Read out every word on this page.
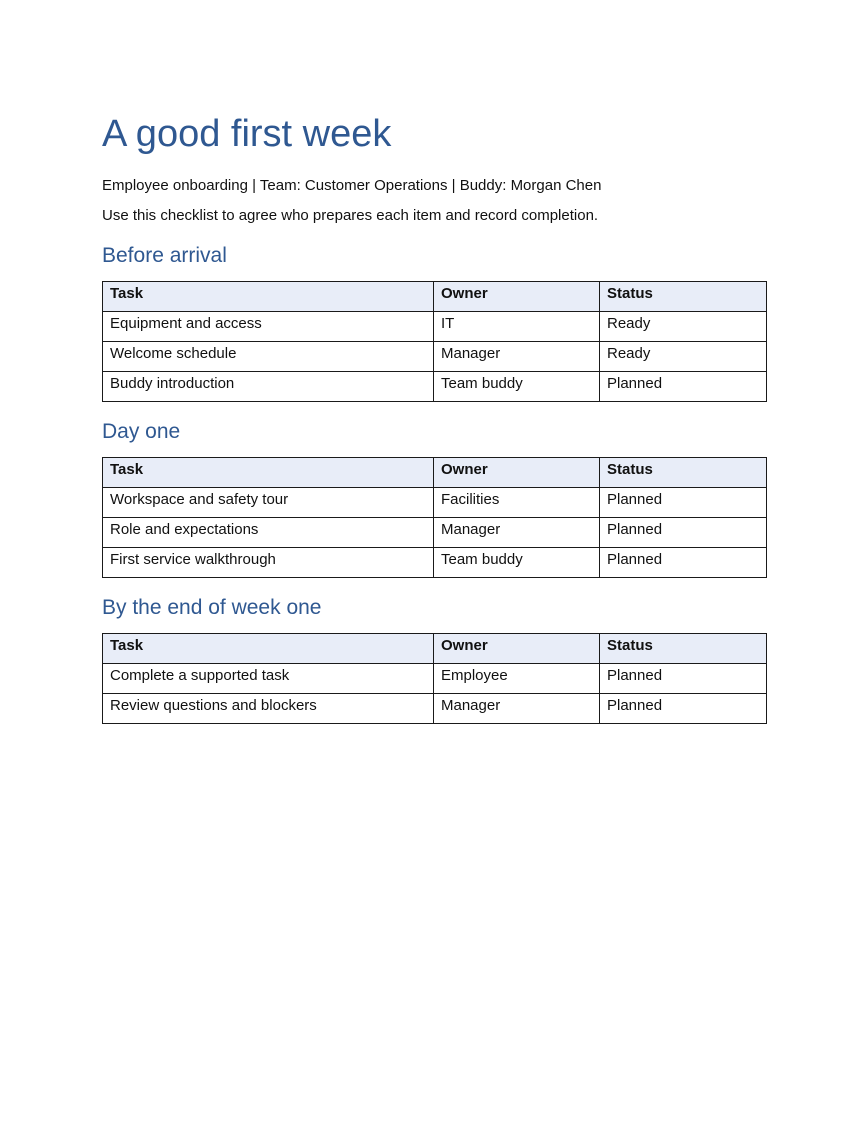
A good first week

Employee onboarding | Team: Customer Operations | Buddy: Morgan Chen

Use this checklist to agree who prepares each item and record completion.

Before arrival
Task	Owner	Status
Equipment and access	IT	Ready
Welcome schedule	Manager	Ready
Buddy introduction	Team buddy	Planned
Day one
Task	Owner	Status
Workspace and safety tour	Facilities	Planned
Role and expectations	Manager	Planned
First service walkthrough	Team buddy	Planned
By the end of week one
Task	Owner	Status
Complete a supported task	Employee	Planned
Review questions and blockers	Manager	Planned
